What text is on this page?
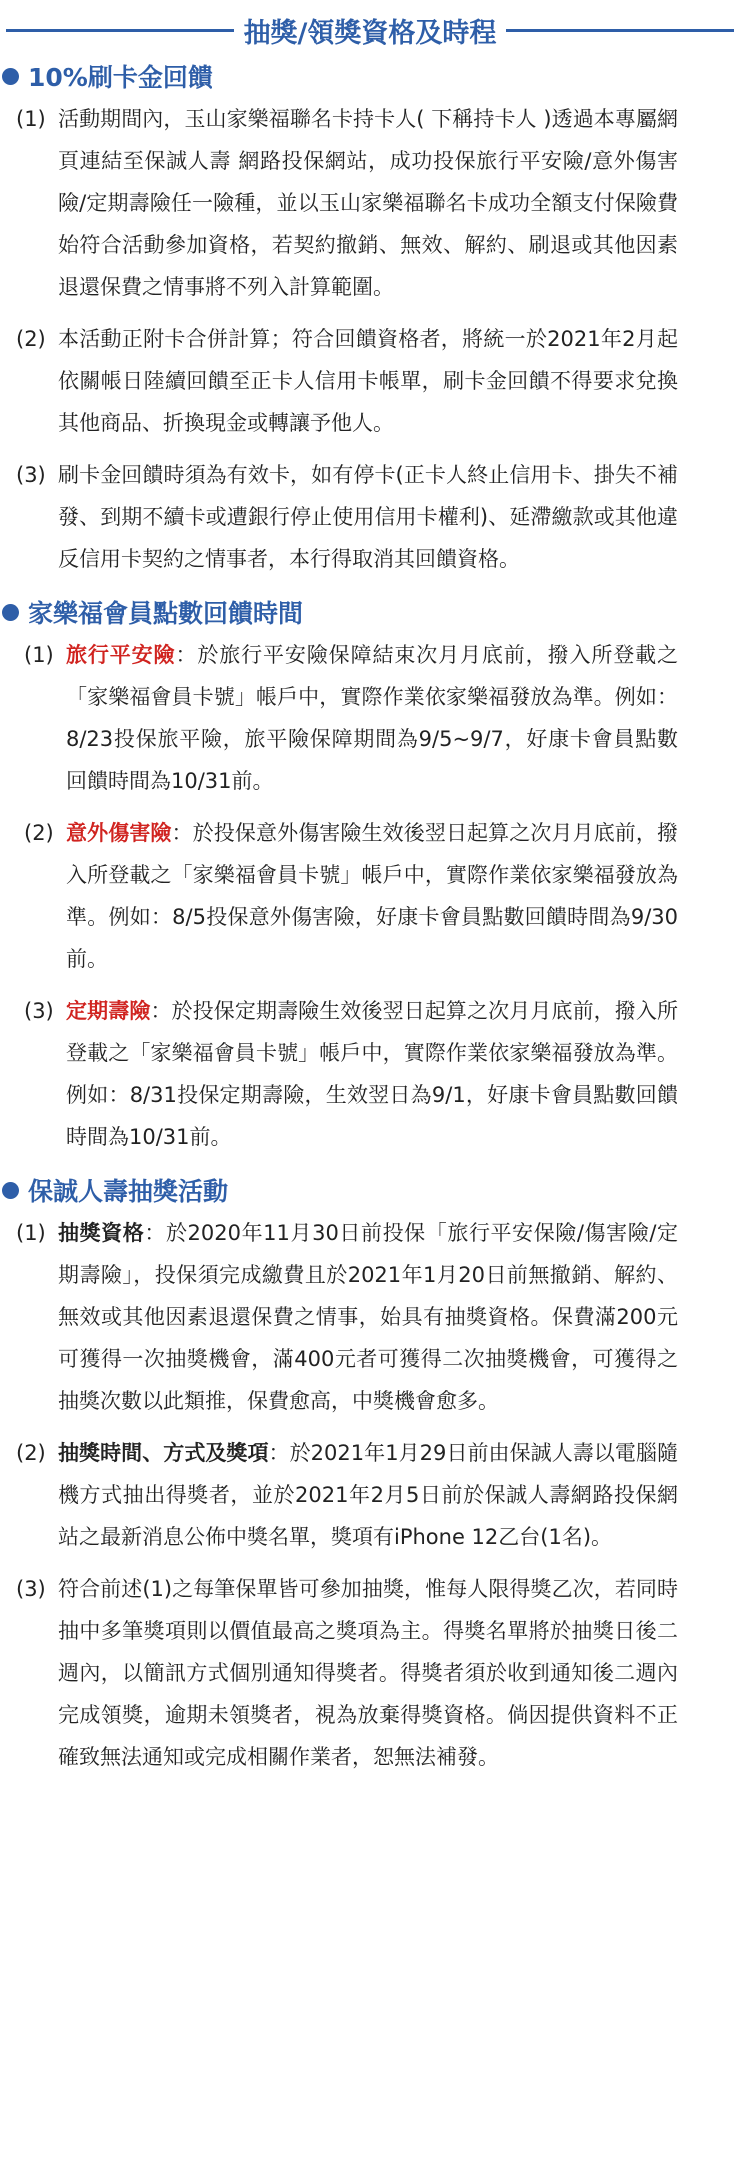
抽獎/領獎資格及時程
10%刷卡金回饋
(1) 活動期間內，玉山家樂福聯名卡持卡人( 下稱持卡人 )透過本專屬網頁連結至保誠人壽 網路投保網站，成功投保旅行平安險/意外傷害險/定期壽險任一險種，並以玉山家樂福聯名卡成功全額支付保險費始符合活動參加資格，若契約撤銷、無效、解約、刷退或其他因素退還保費之情事將不列入計算範圍。
(2) 本活動正附卡合併計算；符合回饋資格者，將統一於2021年2月起依關帳日陸續回饋至正卡人信用卡帳單，刷卡金回饋不得要求兌換其他商品、折換現金或轉讓予他人。
(3) 刷卡金回饋時須為有效卡，如有停卡(正卡人終止信用卡、掛失不補發、到期不續卡或遭銀行停止使用信用卡權利)、延滯繳款或其他違反信用卡契約之情事者，本行得取消其回饋資格。
家樂福會員點數回饋時間
(1) 旅行平安險：於旅行平安險保障結束次月月底前，撥入所登載之「家樂福會員卡號」帳戶中，實際作業依家樂福發放為準。例如：8/23投保旅平險，旅平險保障期間為9/5~9/7，好康卡會員點數回饋時間為10/31前。
(2) 意外傷害險：於投保意外傷害險生效後翌日起算之次月月底前，撥入所登載之「家樂福會員卡號」帳戶中，實際作業依家樂福發放為準。例如：8/5投保意外傷害險，好康卡會員點數回饋時間為9/30前。
(3) 定期壽險：於投保定期壽險生效後翌日起算之次月月底前，撥入所登載之「家樂福會員卡號」帳戶中，實際作業依家樂福發放為準。例如：8/31投保定期壽險，生效翌日為9/1，好康卡會員點數回饋時間為10/31前。
保誠人壽抽獎活動
(1) 抽獎資格：於2020年11月30日前投保「旅行平安保險/傷害險/定期壽險」，投保須完成繳費且於2021年1月20日前無撤銷、解約、無效或其他因素退還保費之情事，始具有抽獎資格。保費滿200元可獲得一次抽獎機會，滿400元者可獲得二次抽獎機會，可獲得之抽獎次數以此類推，保費愈高，中獎機會愈多。
(2) 抽獎時間、方式及獎項：於2021年1月29日前由保誠人壽以電腦隨機方式抽出得獎者，並於2021年2月5日前於保誠人壽網路投保網站之最新消息公佈中獎名單，獎項有iPhone 12乙台(1名)。
(3) 符合前述(1)之每筆保單皆可參加抽獎，惟每人限得獎乙次，若同時抽中多筆獎項則以價值最高之獎項為主。得獎名單將於抽獎日後二週內，以簡訊方式個別通知得獎者。得獎者須於收到通知後二週內完成領獎，逾期未領獎者，視為放棄得獎資格。倘因提供資料不正確致無法通知或完成相關作業者，恕無法補發。
